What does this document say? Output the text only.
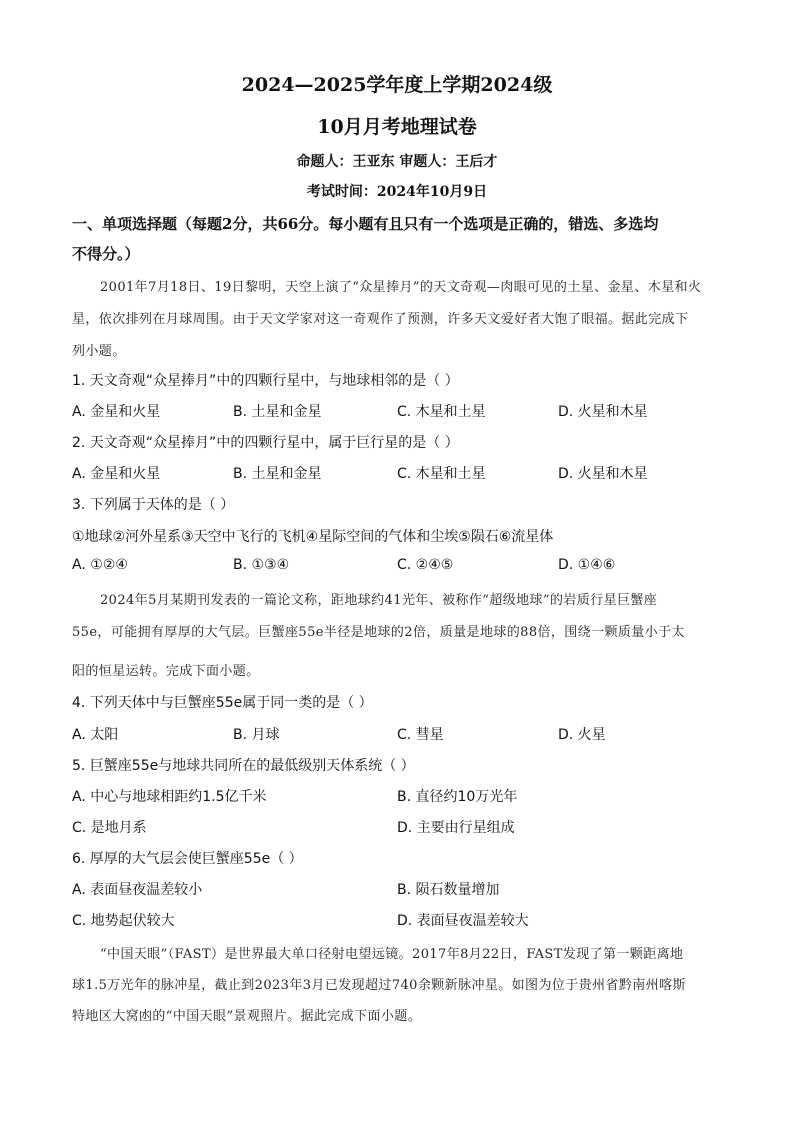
2024—2025学年度上学期2024级
10月月考地理试卷
命题人：王亚东 审题人：王后才
考试时间：2024年10月9日
一、单项选择题（每题2分，共66分。每小题有且只有一个选项是正确的，错选、多选均
不得分。）
2001年7月18日、19日黎明，天空上演了“众星捧月”的天文奇观—肉眼可见的土星、金星、木星和火
星，依次排列在月球周围。由于天文学家对这一奇观作了预测，许多天文爱好者大饱了眼福。据此完成下
列小题。
1. 天文奇观“众星捧月”中的四颗行星中，与地球相邻的是（ ）
A. 金星和火星	B. 土星和金星	C. 木星和土星	D. 火星和木星
2. 天文奇观“众星捧月”中的四颗行星中，属于巨行星的是（ ）
A. 金星和火星	B. 土星和金星	C. 木星和土星	D. 火星和木星
3. 下列属于天体的是（ ）
①地球②河外星系③天空中飞行的飞机④星际空间的气体和尘埃⑤陨石⑥流星体
A. ①②④	B. ①③④	C. ②④⑤	D. ①④⑥
2024年5月某期刊发表的一篇论文称，距地球约41光年、被称作“超级地球”的岩质行星巨蟹座
55e，可能拥有厚厚的大气层。巨蟹座55e半径是地球的2倍，质量是地球的88倍，围绕一颗质量小于太
阳的恒星运转。完成下面小题。
4. 下列天体中与巨蟹座55e属于同一类的是（ ）
A. 太阳	B. 月球	C. 彗星	D. 火星
5. 巨蟹座55e与地球共同所在的最低级别天体系统（ ）
A. 中心与地球相距约1.5亿千米	B. 直径约10万光年
C. 是地月系	D. 主要由行星组成
6. 厚厚的大气层会使巨蟹座55e（ ）
A. 表面昼夜温差较小	B. 陨石数量增加
C. 地势起伏较大	D. 表面昼夜温差较大
“中国天眼”（FAST）是世界最大单口径射电望远镜。2017年8月22日，FAST发现了第一颗距离地
球1.5万光年的脉冲星，截止到2023年3月已发现超过740余颗新脉冲星。如图为位于贵州省黔南州喀斯
特地区大窝凼的“中国天眼”景观照片。据此完成下面小题。
